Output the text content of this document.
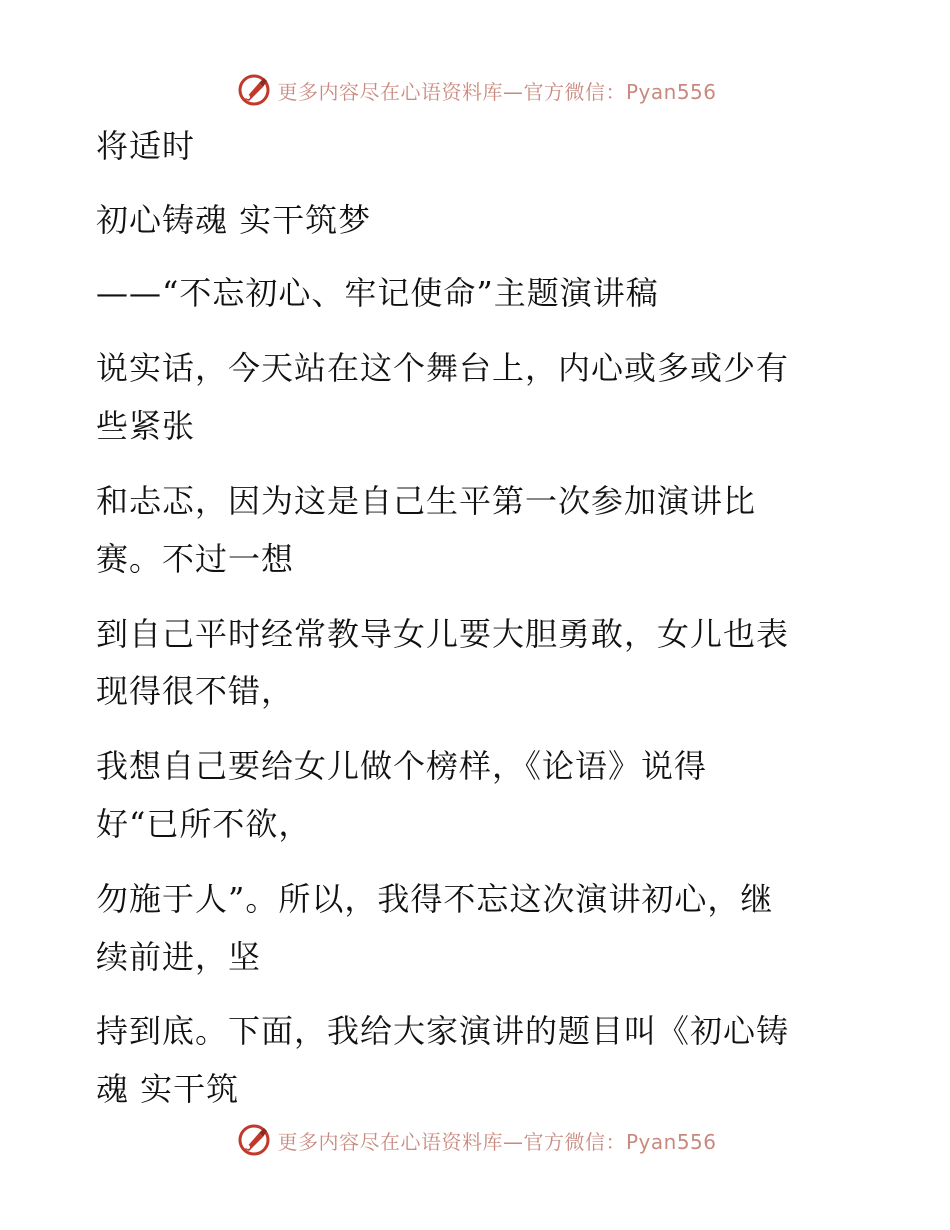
更多内容尽在心语资料库—官方微信：Pyan556
将适时
初心铸魂 实干筑梦
——“不忘初心、牢记使命”主题演讲稿
说实话，今天站在这个舞台上，内心或多或少有
些紧张
和忐忑，因为这是自己生平第一次参加演讲比
赛。不过一想
到自己平时经常教导女儿要大胆勇敢，女儿也表
现得很不错，
我想自己要给女儿做个榜样，《论语》说得
好“已所不欲，
勿施于人”。所以，我得不忘这次演讲初心，继
续前进，坚
持到底。下面，我给大家演讲的题目叫《初心铸
魂 实干筑
更多内容尽在心语资料库—官方微信：Pyan556
